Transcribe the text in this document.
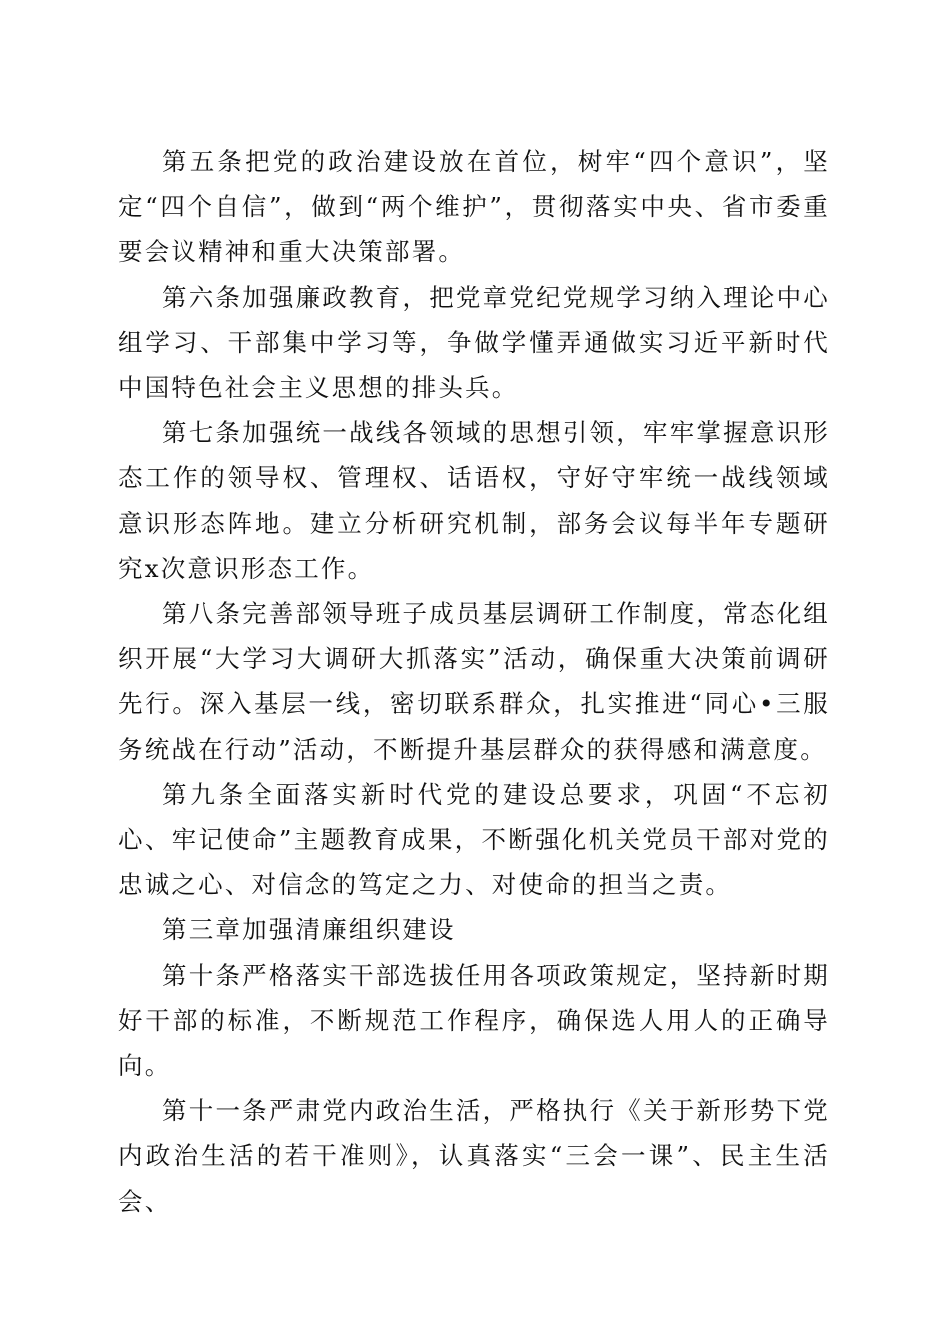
第五条把党的政治建设放在首位，树牢“四个意识”，坚定“四个自信”，做到“两个维护”，贯彻落实中央、省市委重要会议精神和重大决策部署。

第六条加强廉政教育，把党章党纪党规学习纳入理论中心组学习、干部集中学习等，争做学懂弄通做实习近平新时代中国特色社会主义思想的排头兵。

第七条加强统一战线各领域的思想引领，牢牢掌握意识形态工作的领导权、管理权、话语权，守好守牢统一战线领域意识形态阵地。建立分析研究机制，部务会议每半年专题研究x次意识形态工作。

第八条完善部领导班子成员基层调研工作制度，常态化组织开展“大学习大调研大抓落实”活动，确保重大决策前调研先行。深入基层一线，密切联系群众，扎实推进“同心•三服务统战在行动”活动，不断提升基层群众的获得感和满意度。

第九条全面落实新时代党的建设总要求，巩固“不忘初心、牢记使命”主题教育成果，不断强化机关党员干部对党的忠诚之心、对信念的笃定之力、对使命的担当之责。

第三章加强清廉组织建设

第十条严格落实干部选拔任用各项政策规定，坚持新时期好干部的标准，不断规范工作程序，确保选人用人的正确导向。

第十一条严肃党内政治生活，严格执行《关于新形势下党内政治生活的若干准则》，认真落实“三会一课”、民主生活会、
